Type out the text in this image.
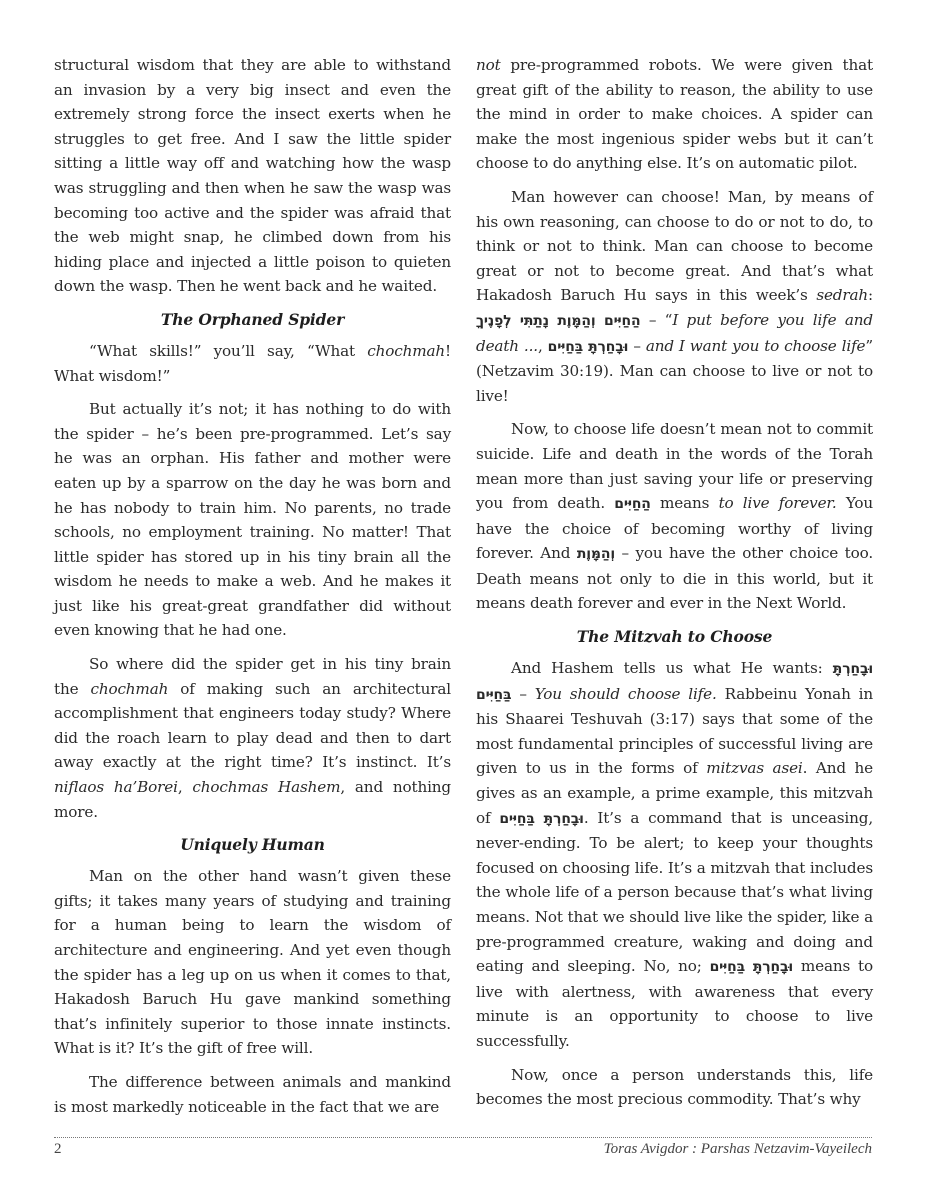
structural wisdom that they are able to withstand an invasion by a very big insect and even the extremely strong force the insect exerts when he struggles to get free. And I saw the little spider sitting a little way off and watching how the wasp was struggling and then when he saw the wasp was becoming too active and the spider was afraid that the web might snap, he climbed down from his hiding place and injected a little poison to quieten down the wasp. Then he went back and he waited.

The Orphaned Spider

“What skills!” you’ll say, “What chochmah! What wisdom!”

But actually it’s not; it has nothing to do with the spider – he’s been pre-programmed. Let’s say he was an orphan. His father and mother were eaten up by a sparrow on the day he was born and he has nobody to train him. No parents, no trade schools, no employment training. No matter! That little spider has stored up in his tiny brain all the wisdom he needs to make a web. And he makes it just like his great-great grandfather did without even knowing that he had one.

So where did the spider get in his tiny brain the chochmah of making such an architectural accomplishment that engineers today study? Where did the roach learn to play dead and then to dart away exactly at the right time? It’s instinct. It’s niflaos ha’Borei, chochmas Hashem, and nothing more.

Uniquely Human

Man on the other hand wasn’t given these gifts; it takes many years of studying and training for a human being to learn the wisdom of architecture and engineering. And yet even though the spider has a leg up on us when it comes to that, Hakadosh Baruch Hu gave mankind something that’s infinitely superior to those innate instincts. What is it? It’s the gift of free will.

The difference between animals and mankind is most markedly noticeable in the fact that we are

not pre-programmed robots. We were given that great gift of the ability to reason, the ability to use the mind in order to make choices. A spider can make the most ingenious spider webs but it can’t choose to do anything else. It’s on automatic pilot.

Man however can choose! Man, by means of his own reasoning, can choose to do or not to do, to think or not to think. Man can choose to become great or not to become great. And that’s what Hakadosh Baruch Hu says in this week’s sedrah: הַחַיִּים וְהַמָּוֶת נָתַתִּי לְפָנֶיךָ – “I put before you life and death ..., וּבָחַרְתָּ בַּחַיִּים – and I want you to choose life” (Netzavim 30:19). Man can choose to live or not to live!

Now, to choose life doesn’t mean not to commit suicide. Life and death in the words of the Torah mean more than just saving your life or preserving you from death. הַחַיִּים means to live forever. You have the choice of becoming worthy of living forever. And וְהַמָּוֶת – you have the other choice too. Death means not only to die in this world, but it means death forever and ever in the Next World.

The Mitzvah to Choose

And Hashem tells us what He wants: וּבָחַרְתָּ בַּחַיִּים – You should choose life. Rabbeinu Yonah in his Shaarei Teshuvah (3:17) says that some of the most fundamental principles of successful living are given to us in the forms of mitzvas asei. And he gives as an example, a prime example, this mitzvah of וּבָחַרְתָּ בַּחַיִּים. It’s a command that is unceasing, never-ending. To be alert; to keep your thoughts focused on choosing life. It’s a mitzvah that includes the whole life of a person because that’s what living means. Not that we should live like the spider, like a pre-programmed creature, waking and doing and eating and sleeping. No, no; וּבָחַרְתָּ בַּחַיִּים means to live with alertness, with awareness that every minute is an opportunity to choose to live successfully.

Now, once a person understands this, life becomes the most precious commodity. That’s why

2	Toras Avigdor : Parshas Netzavim-Vayeilech
